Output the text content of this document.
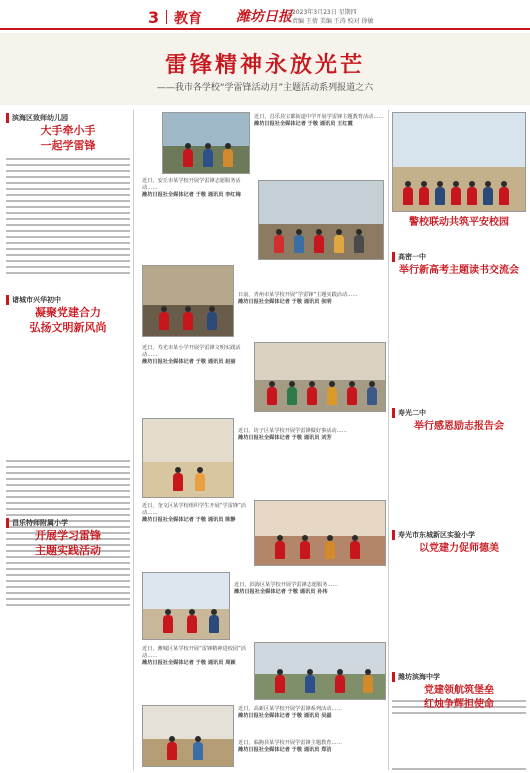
3 教育 潍坊日报 2023年3月23日 星期四
责编 王倩 美编 王涛 校对 徐敏
雷锋精神永放光芒
——我市各学校“学雷锋活动月”主题活动系列报道之六
滨海区致师幼儿园
大手牵小手
一起学雷锋
诸城市兴华初中
凝聚党建合力
弘扬文明新风尚
昌乐特师附属小学
开展学习雷锋
主题实践活动
近日，昌乐县宝都街道中学开展学雷锋主题教育活动……
潍坊日报社全媒体记者 于敬 通讯员 王红霞
近日，安丘市某学校开展学雷锋志愿服务活动……
潍坊日报社全媒体记者 于敬 通讯员 李红梅
日前，青州市某学校开展“学雷锋”主题实践活动……
潍坊日报社全媒体记者 于敬 通讯员 张明
近日，寿光市某小学开展学雷锋文明实践活动……
潍坊日报社全媒体记者 于敬 通讯员 赵丽
近日，坊子区某学校开展学雷锋做好事活动……
潍坊日报社全媒体记者 于敬 通讯员 刘芳
近日，奎文区某学校组织学生开展“学雷锋”活动……
潍坊日报社全媒体记者 于敬 通讯员 陈静
近日，滨海区某学校开展学雷锋志愿服务……
潍坊日报社全媒体记者 于敬 通讯员 孙伟
近日，潍城区某学校开展“雷锋精神进校园”活动……
潍坊日报社全媒体记者 于敬 通讯员 周颖
近日，高新区某学校开展学雷锋系列活动……
潍坊日报社全媒体记者 于敬 通讯员 吴磊
近日，临朐县某学校开展学雷锋主题教育……
潍坊日报社全媒体记者 于敬 通讯员 郑洁
警校联动共筑平安校园
高密一中
举行新高考主题读书交流会
寿光二中
举行感恩励志报告会
寿光市东城新区实验小学
以党建力促师德美
潍坊滨海中学
党建领航筑堡垒
红烛争辉担使命
